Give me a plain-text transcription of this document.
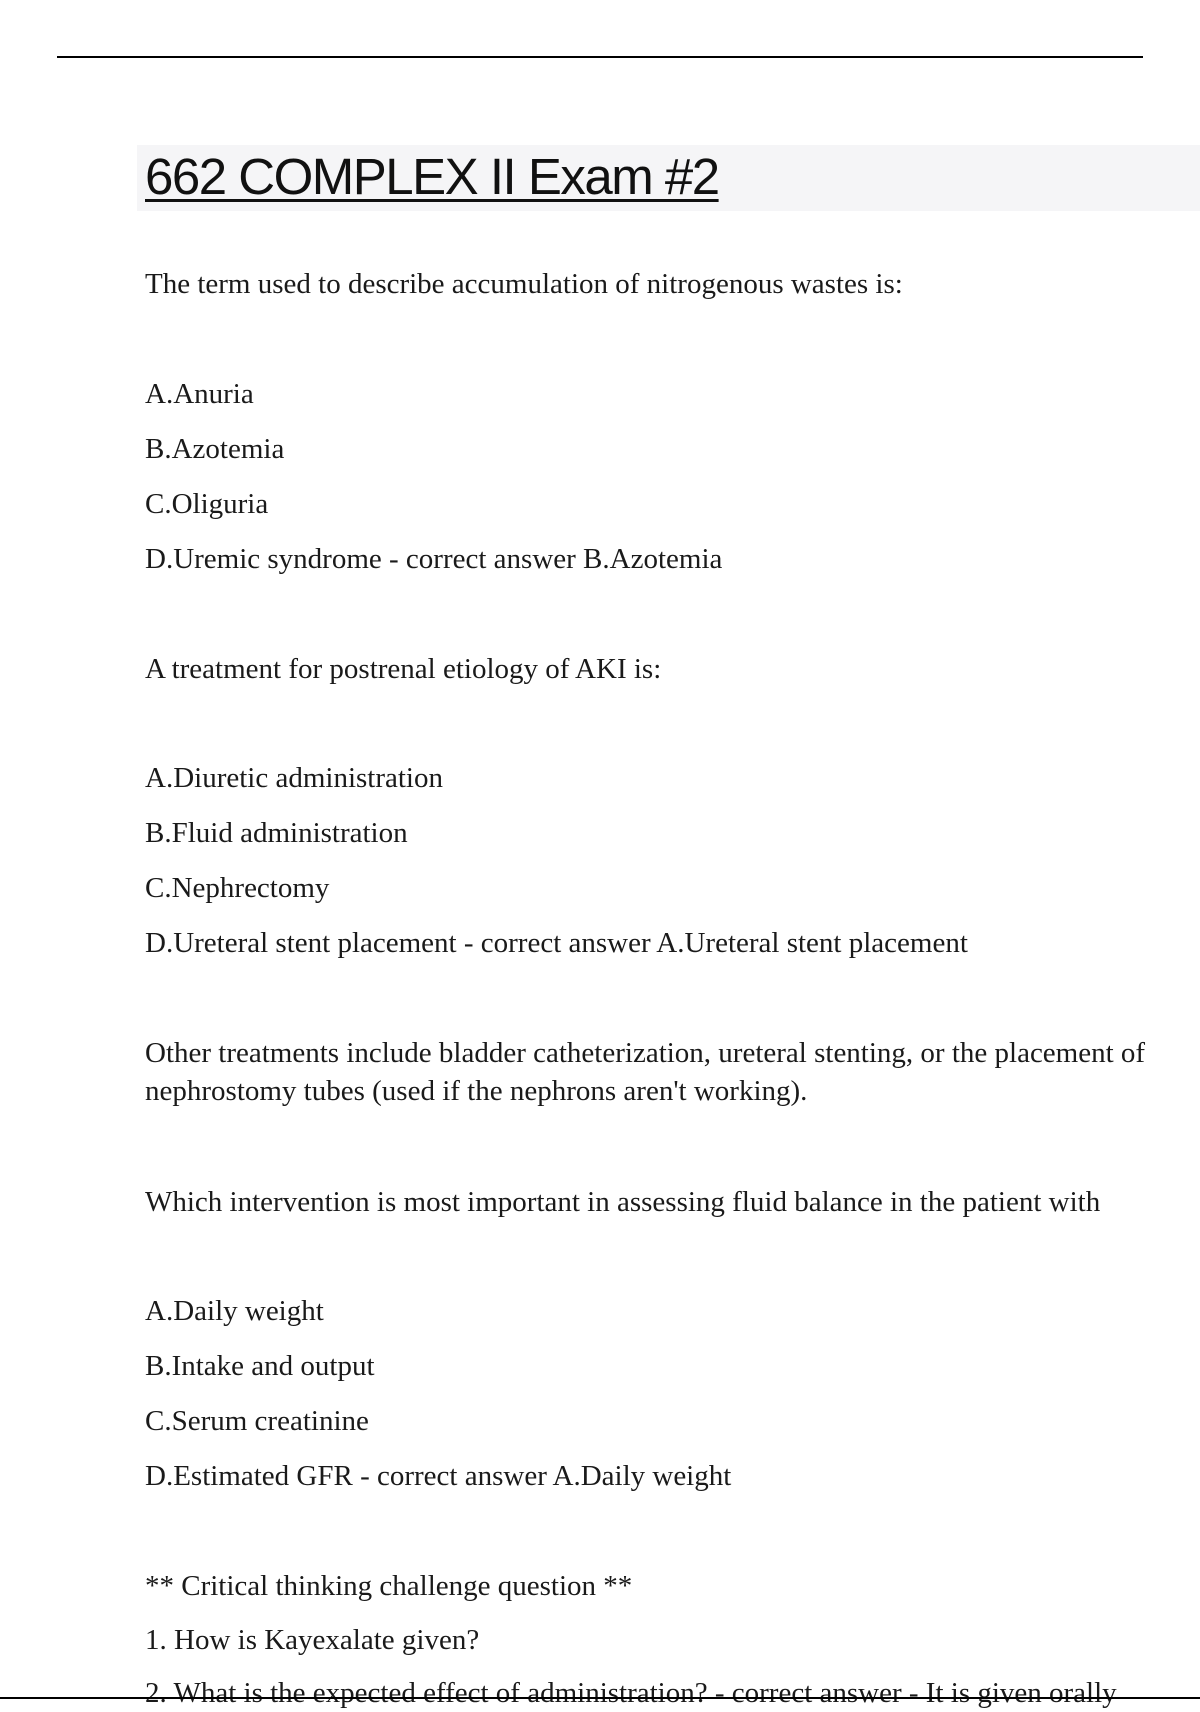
662 COMPLEX II Exam #2

The term used to describe accumulation of nitrogenous wastes is:

A.Anuria

B.Azotemia

C.Oliguria

D.Uremic syndrome - correct answer B.Azotemia

A treatment for postrenal etiology of AKI is:

A.Diuretic administration

B.Fluid administration

C.Nephrectomy

D.Ureteral stent placement - correct answer A.Ureteral stent placement

Other treatments include bladder catheterization, ureteral stenting, or the placement of
nephrostomy tubes (used if the nephrons aren't working).

Which intervention is most important in assessing fluid balance in the patient with

A.Daily weight

B.Intake and output

C.Serum creatinine

D.Estimated GFR - correct answer A.Daily weight

** Critical thinking challenge question **

1. How is Kayexalate given?

2. What is the expected effect of administration? - correct answer - It is given orally
